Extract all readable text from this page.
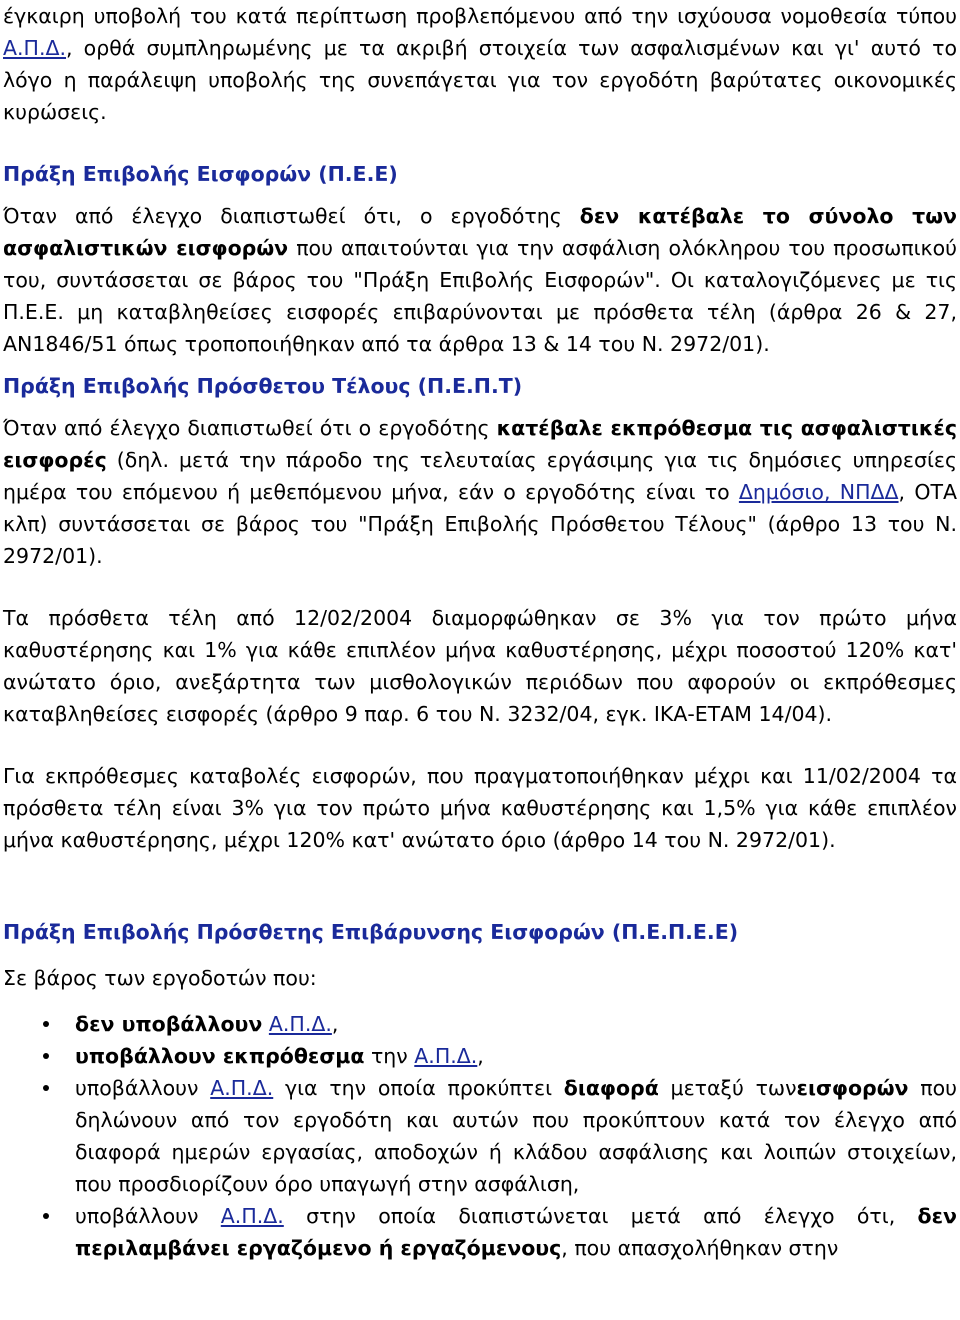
έγκαιρη υποβολή του κατά περίπτωση προβλεπόμενου από την ισχύουσα νομοθεσία τύπου Α.Π.Δ., ορθά συμπληρωμένης με τα ακριβή στοιχεία των ασφαλισμένων και γι' αυτό το λόγο η παράλειψη υποβολής της συνεπάγεται για τον εργοδότη βαρύτατες οικονομικές κυρώσεις.

Πράξη Επιβολής Εισφορών (Π.Ε.Ε)

Όταν από έλεγχο διαπιστωθεί ότι, ο εργοδότης δεν κατέβαλε το σύνολο των ασφαλιστικών εισφορών που απαιτούνται για την ασφάλιση ολόκληρου του προσωπικού του, συντάσσεται σε βάρος του "Πράξη Επιβολής Εισφορών". Οι καταλογιζόμενες με τις Π.Ε.Ε. μη καταβληθείσες εισφορές επιβαρύνονται με πρόσθετα τέλη (άρθρα 26 & 27, ΑΝ1846/51 όπως τροποποιήθηκαν από τα άρθρα 13 & 14 του Ν. 2972/01).

Πράξη Επιβολής Πρόσθετου Τέλους (Π.Ε.Π.Τ)

Όταν από έλεγχο διαπιστωθεί ότι ο εργοδότης κατέβαλε εκπρόθεσμα τις ασφαλιστικές εισφορές (δηλ. μετά την πάροδο της τελευταίας εργάσιμης για τις δημόσιες υπηρεσίες ημέρα του επόμενου ή μεθεπόμενου μήνα, εάν ο εργοδότης είναι το Δημόσιο, ΝΠΔΔ, ΟΤΑ κλπ) συντάσσεται σε βάρος του "Πράξη Επιβολής Πρόσθετου Τέλους" (άρθρο 13 του Ν. 2972/01).

Τα πρόσθετα τέλη από 12/02/2004 διαμορφώθηκαν σε 3% για τον πρώτο μήνα καθυστέρησης και 1% για κάθε επιπλέον μήνα καθυστέρησης, μέχρι ποσοστού 120% κατ' ανώτατο όριο, ανεξάρτητα των μισθολογικών περιόδων που αφορούν οι εκπρόθεσμες καταβληθείσες εισφορές (άρθρο 9 παρ. 6 του Ν. 3232/04, εγκ. ΙΚΑ-ΕΤΑΜ 14/04).

Για εκπρόθεσμες καταβολές εισφορών, που πραγματοποιήθηκαν μέχρι και 11/02/2004 τα πρόσθετα τέλη είναι 3% για τον πρώτο μήνα καθυστέρησης και 1,5% για κάθε επιπλέον μήνα καθυστέρησης, μέχρι 120% κατ' ανώτατο όριο (άρθρο 14 του Ν. 2972/01).

Πράξη Επιβολής Πρόσθετης Επιβάρυνσης Εισφορών (Π.Ε.Π.Ε.Ε)

Σε βάρος των εργοδοτών που:

δεν υποβάλλουν Α.Π.Δ.,
υποβάλλουν εκπρόθεσμα την Α.Π.Δ.,
υποβάλλουν Α.Π.Δ. για την οποία προκύπτει διαφορά μεταξύ τωνεισφορών που δηλώνουν από τον εργοδότη και αυτών που προκύπτουν κατά τον έλεγχο από διαφορά ημερών εργασίας, αποδοχών ή κλάδου ασφάλισης και λοιπών στοιχείων, που προσδιορίζουν όρο υπαγωγή στην ασφάλιση,
υποβάλλουν Α.Π.Δ. στην οποία διαπιστώνεται μετά από έλεγχο ότι, δεν περιλαμβάνει εργαζόμενο ή εργαζόμενους, που απασχολήθηκαν στην
